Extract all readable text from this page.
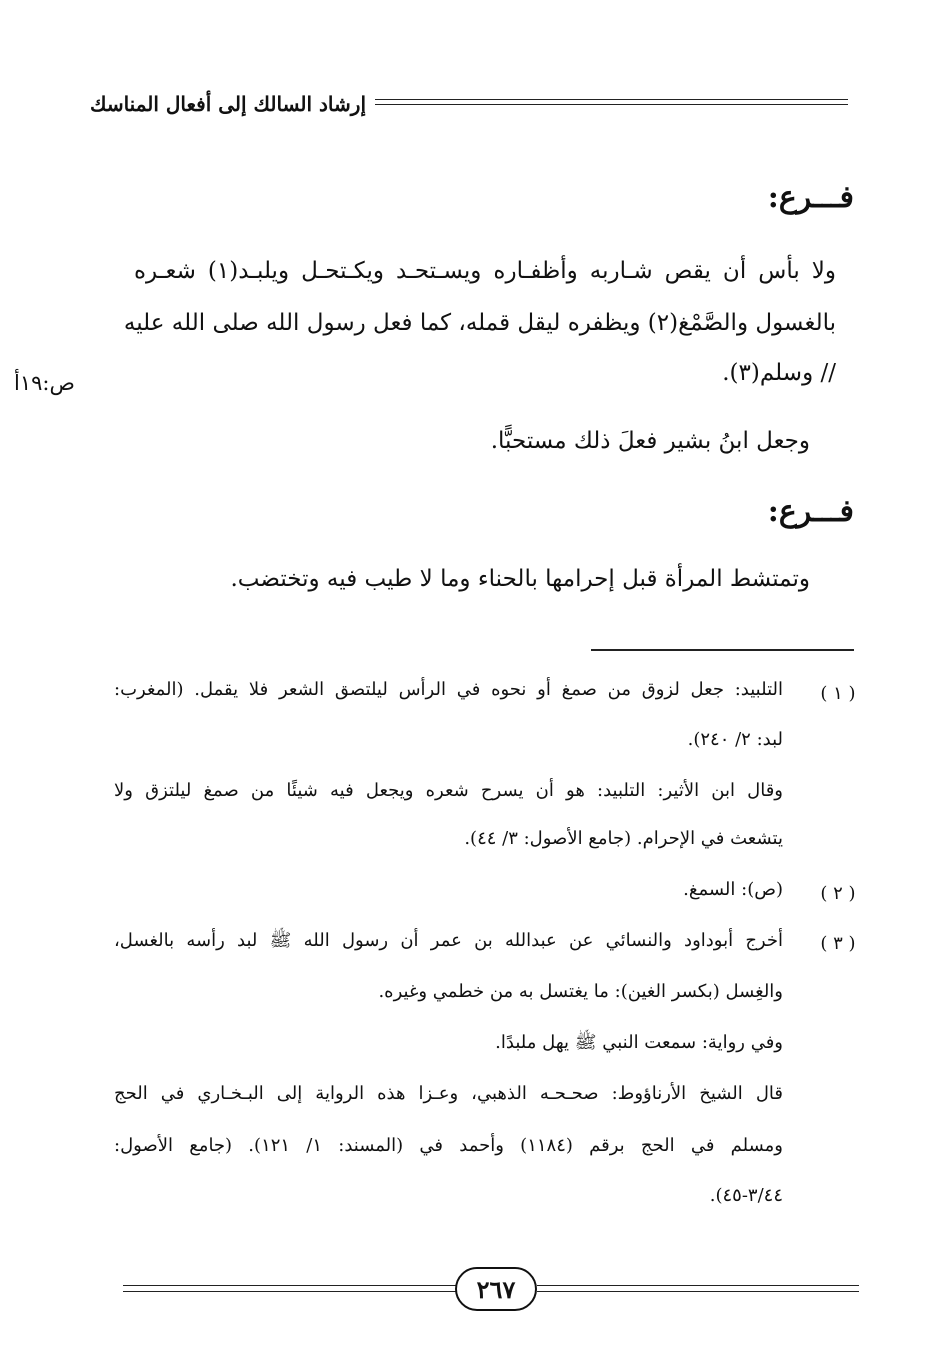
إرشاد السالك إلى أفعال المناسك
فـــرع:
ولا بأس أن يقص شـاربه وأظفـاره ويسـتحـد ويكـتحـل ويلبـد(١) شعـره
بالغسول والصَّمْغ(٢) ويظفره ليقل قمله، كما فعل رسول الله صلى الله عليه
// وسلم(٣).
ص:١٩أ
وجعل ابنُ بشير فعلَ ذلك مستحبًّا.
فـــرع:
وتمتشط المرأة قبل إحرامها بالحناء وما لا طيب فيه وتختضب.
( ١ )
التلبيد: جعل لزوق من صمغ أو نحوه في الرأس ليلتصق الشعر فلا يقمل. (المغرب:
لبد: ٢/ ٢٤٠).
وقال ابن الأثير: التلبيد: هو أن يسرح شعره ويجعل فيه شيئًا من صمغ ليلتزق ولا
يتشعث في الإحرام. (جامع الأصول: ٣/ ٤٤).
( ٢ )
(ص): السمغ.
( ٣ )
أخرج أبوداود والنسائي عن عبدالله بن عمر أن رسول الله ﷺ لبد رأسه بالغسل،
والغِسل (بكسر الغين): ما يغتسل به من خطمي وغيره.
وفي رواية: سمعت النبي ﷺ يهل ملبدًا.
قال الشيخ الأرناؤوط: صحـحـه الذهبي، وعـزا هذه الرواية إلى البـخـاري في الحج
ومسلم في الحج برقم (١١٨٤) وأحمد في (المسند: ١/ ١٢١). (جامع الأصول:
٣/٤٤-٤٥).
٢٦٧
